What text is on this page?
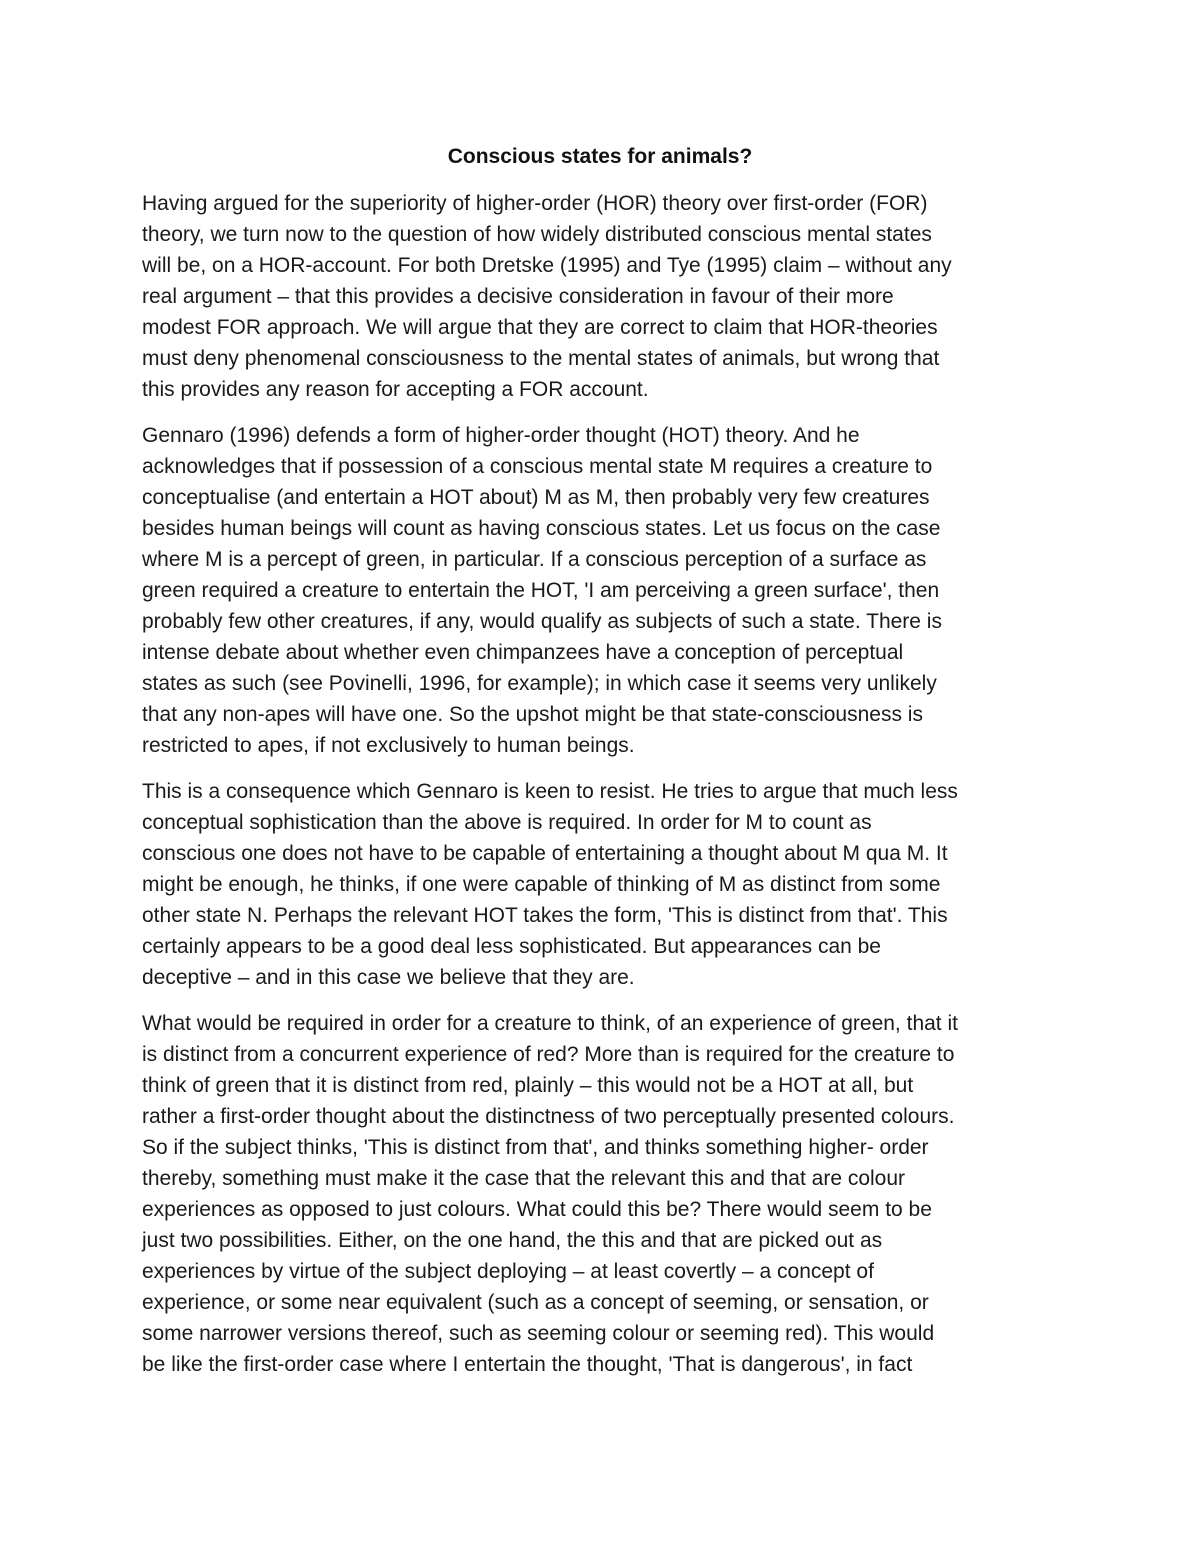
Conscious states for animals?
Having argued for the superiority of higher-order (HOR) theory over first-order (FOR)
theory, we turn now to the question of how widely distributed conscious mental states
will be, on a HOR-account. For both Dretske (1995) and Tye (1995) claim – without any
real argument – that this provides a decisive consideration in favour of their more
modest FOR approach. We will argue that they are correct to claim that HOR-theories
must deny phenomenal consciousness to the mental states of animals, but wrong that
this provides any reason for accepting a FOR account.
Gennaro (1996) defends a form of higher-order thought (HOT) theory. And he
acknowledges that if possession of a conscious mental state M requires a creature to
conceptualise (and entertain a HOT about) M as M, then probably very few creatures
besides human beings will count as having conscious states. Let us focus on the case
where M is a percept of green, in particular. If a conscious perception of a surface as
green required a creature to entertain the HOT, 'I am perceiving a green surface', then
probably few other creatures, if any, would qualify as subjects of such a state. There is
intense debate about whether even chimpanzees have a conception of perceptual
states as such (see Povinelli, 1996, for example); in which case it seems very unlikely
that any non-apes will have one. So the upshot might be that state-consciousness is
restricted to apes, if not exclusively to human beings.
This is a consequence which Gennaro is keen to resist. He tries to argue that much less
conceptual sophistication than the above is required. In order for M to count as
conscious one does not have to be capable of entertaining a thought about M qua M. It
might be enough, he thinks, if one were capable of thinking of M as distinct from some
other state N. Perhaps the relevant HOT takes the form, 'This is distinct from that'. This
certainly appears to be a good deal less sophisticated. But appearances can be
deceptive – and in this case we believe that they are.
What would be required in order for a creature to think, of an experience of green, that it
is distinct from a concurrent experience of red? More than is required for the creature to
think of green that it is distinct from red, plainly – this would not be a HOT at all, but
rather a first-order thought about the distinctness of two perceptually presented colours.
So if the subject thinks, 'This is distinct from that', and thinks something higher- order
thereby, something must make it the case that the relevant this and that are colour
experiences as opposed to just colours. What could this be? There would seem to be
just two possibilities. Either, on the one hand, the this and that are picked out as
experiences by virtue of the subject deploying – at least covertly – a concept of
experience, or some near equivalent (such as a concept of seeming, or sensation, or
some narrower versions thereof, such as seeming colour or seeming red). This would
be like the first-order case where I entertain the thought, 'That is dangerous', in fact
